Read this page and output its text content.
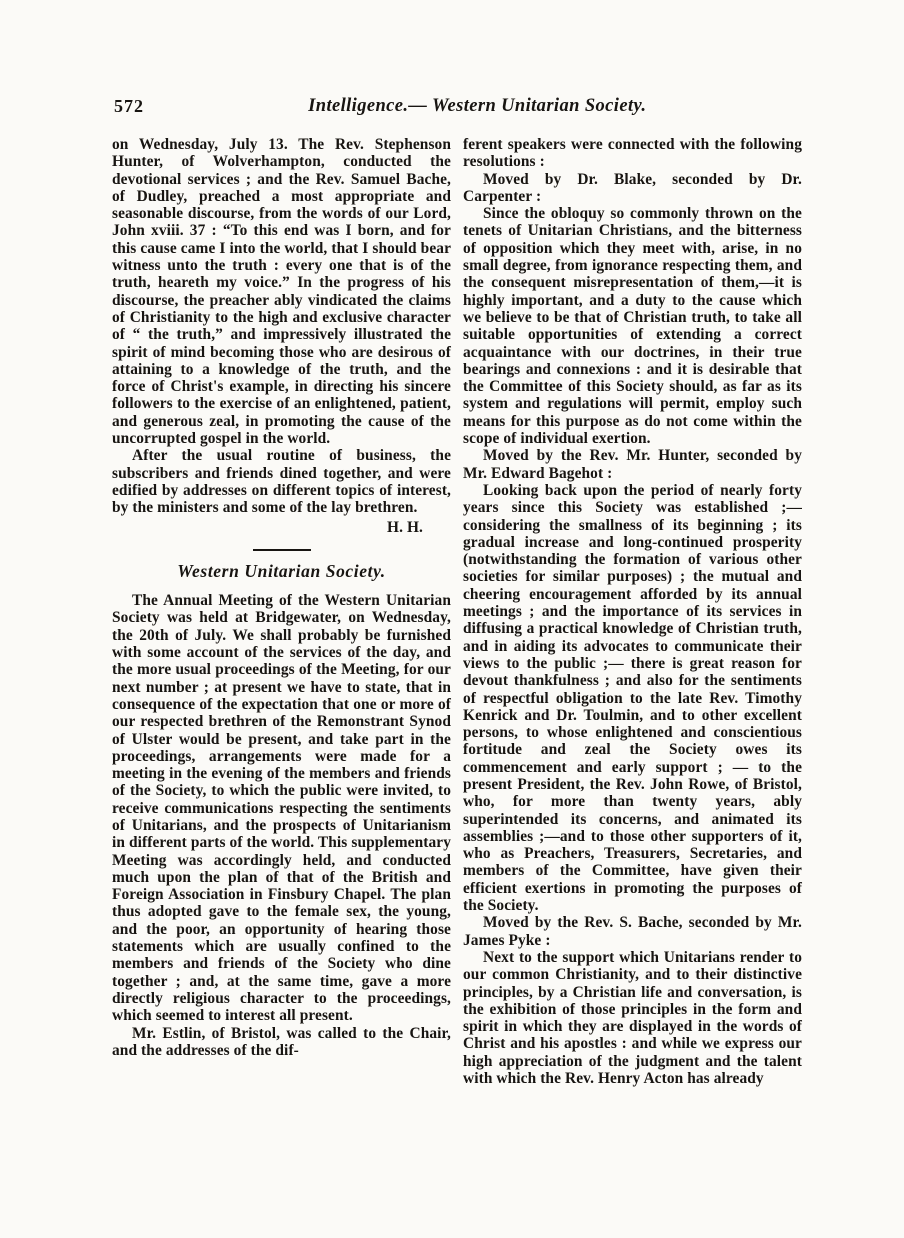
572	Intelligence.— Western Unitarian Society.

on Wednesday, July 13. The Rev. Stephenson Hunter, of Wolverhampton, conducted the devotional services ; and the Rev. Samuel Bache, of Dudley, preached a most appropriate and seasonable discourse, from the words of our Lord, John xviii. 37 : “To this end was I born, and for this cause came I into the world, that I should bear witness unto the truth : every one that is of the truth, heareth my voice.” In the progress of his discourse, the preacher ably vindicated the claims of Christianity to the high and exclusive character of “ the truth,” and impressively illustrated the spirit of mind becoming those who are desirous of attaining to a knowledge of the truth, and the force of Christ's example, in directing his sincere followers to the exercise of an enlightened, patient, and generous zeal, in promoting the cause of the uncorrupted gospel in the world.

After the usual routine of business, the subscribers and friends dined together, and were edified by addresses on different topics of interest, by the ministers and some of the lay brethren.

H. H.

Western Unitarian Society.

The Annual Meeting of the Western Unitarian Society was held at Bridgewater, on Wednesday, the 20th of July. We shall probably be furnished with some account of the services of the day, and the more usual proceedings of the Meeting, for our next number ; at present we have to state, that in consequence of the expectation that one or more of our respected brethren of the Remonstrant Synod of Ulster would be present, and take part in the proceedings, arrangements were made for a meeting in the evening of the members and friends of the Society, to which the public were invited, to receive communications respecting the sentiments of Unitarians, and the prospects of Unitarianism in different parts of the world. This supplementary Meeting was accordingly held, and conducted much upon the plan of that of the British and Foreign Association in Finsbury Chapel. The plan thus adopted gave to the female sex, the young, and the poor, an opportunity of hearing those statements which are usually confined to the members and friends of the Society who dine together ; and, at the same time, gave a more directly religious character to the proceedings, which seemed to interest all present.

Mr. Estlin, of Bristol, was called to the Chair, and the addresses of the dif-

ferent speakers were connected with the following resolutions :

Moved by Dr. Blake, seconded by Dr. Carpenter :

Since the obloquy so commonly thrown on the tenets of Unitarian Christians, and the bitterness of opposition which they meet with, arise, in no small degree, from ignorance respecting them, and the consequent misrepresentation of them,—it is highly important, and a duty to the cause which we believe to be that of Christian truth, to take all suitable opportunities of extending a correct acquaintance with our doctrines, in their true bearings and connexions : and it is desirable that the Committee of this Society should, as far as its system and regulations will permit, employ such means for this purpose as do not come within the scope of individual exertion.

Moved by the Rev. Mr. Hunter, seconded by Mr. Edward Bagehot :

Looking back upon the period of nearly forty years since this Society was established ;—considering the smallness of its beginning ; its gradual increase and long-continued prosperity (notwithstanding the formation of various other societies for similar purposes) ; the mutual and cheering encouragement afforded by its annual meetings ; and the importance of its services in diffusing a practical knowledge of Christian truth, and in aiding its advocates to communicate their views to the public ;— there is great reason for devout thankfulness ; and also for the sentiments of respectful obligation to the late Rev. Timothy Kenrick and Dr. Toulmin, and to other excellent persons, to whose enlightened and conscientious fortitude and zeal the Society owes its commencement and early support ; — to the present President, the Rev. John Rowe, of Bristol, who, for more than twenty years, ably superintended its concerns, and animated its assemblies ;—and to those other supporters of it, who as Preachers, Treasurers, Secretaries, and members of the Committee, have given their efficient exertions in promoting the purposes of the Society.

Moved by the Rev. S. Bache, seconded by Mr. James Pyke :

Next to the support which Unitarians render to our common Christianity, and to their distinctive principles, by a Christian life and conversation, is the exhibition of those principles in the form and spirit in which they are displayed in the words of Christ and his apostles : and while we express our high appreciation of the judgment and the talent with which the Rev. Henry Acton has already
